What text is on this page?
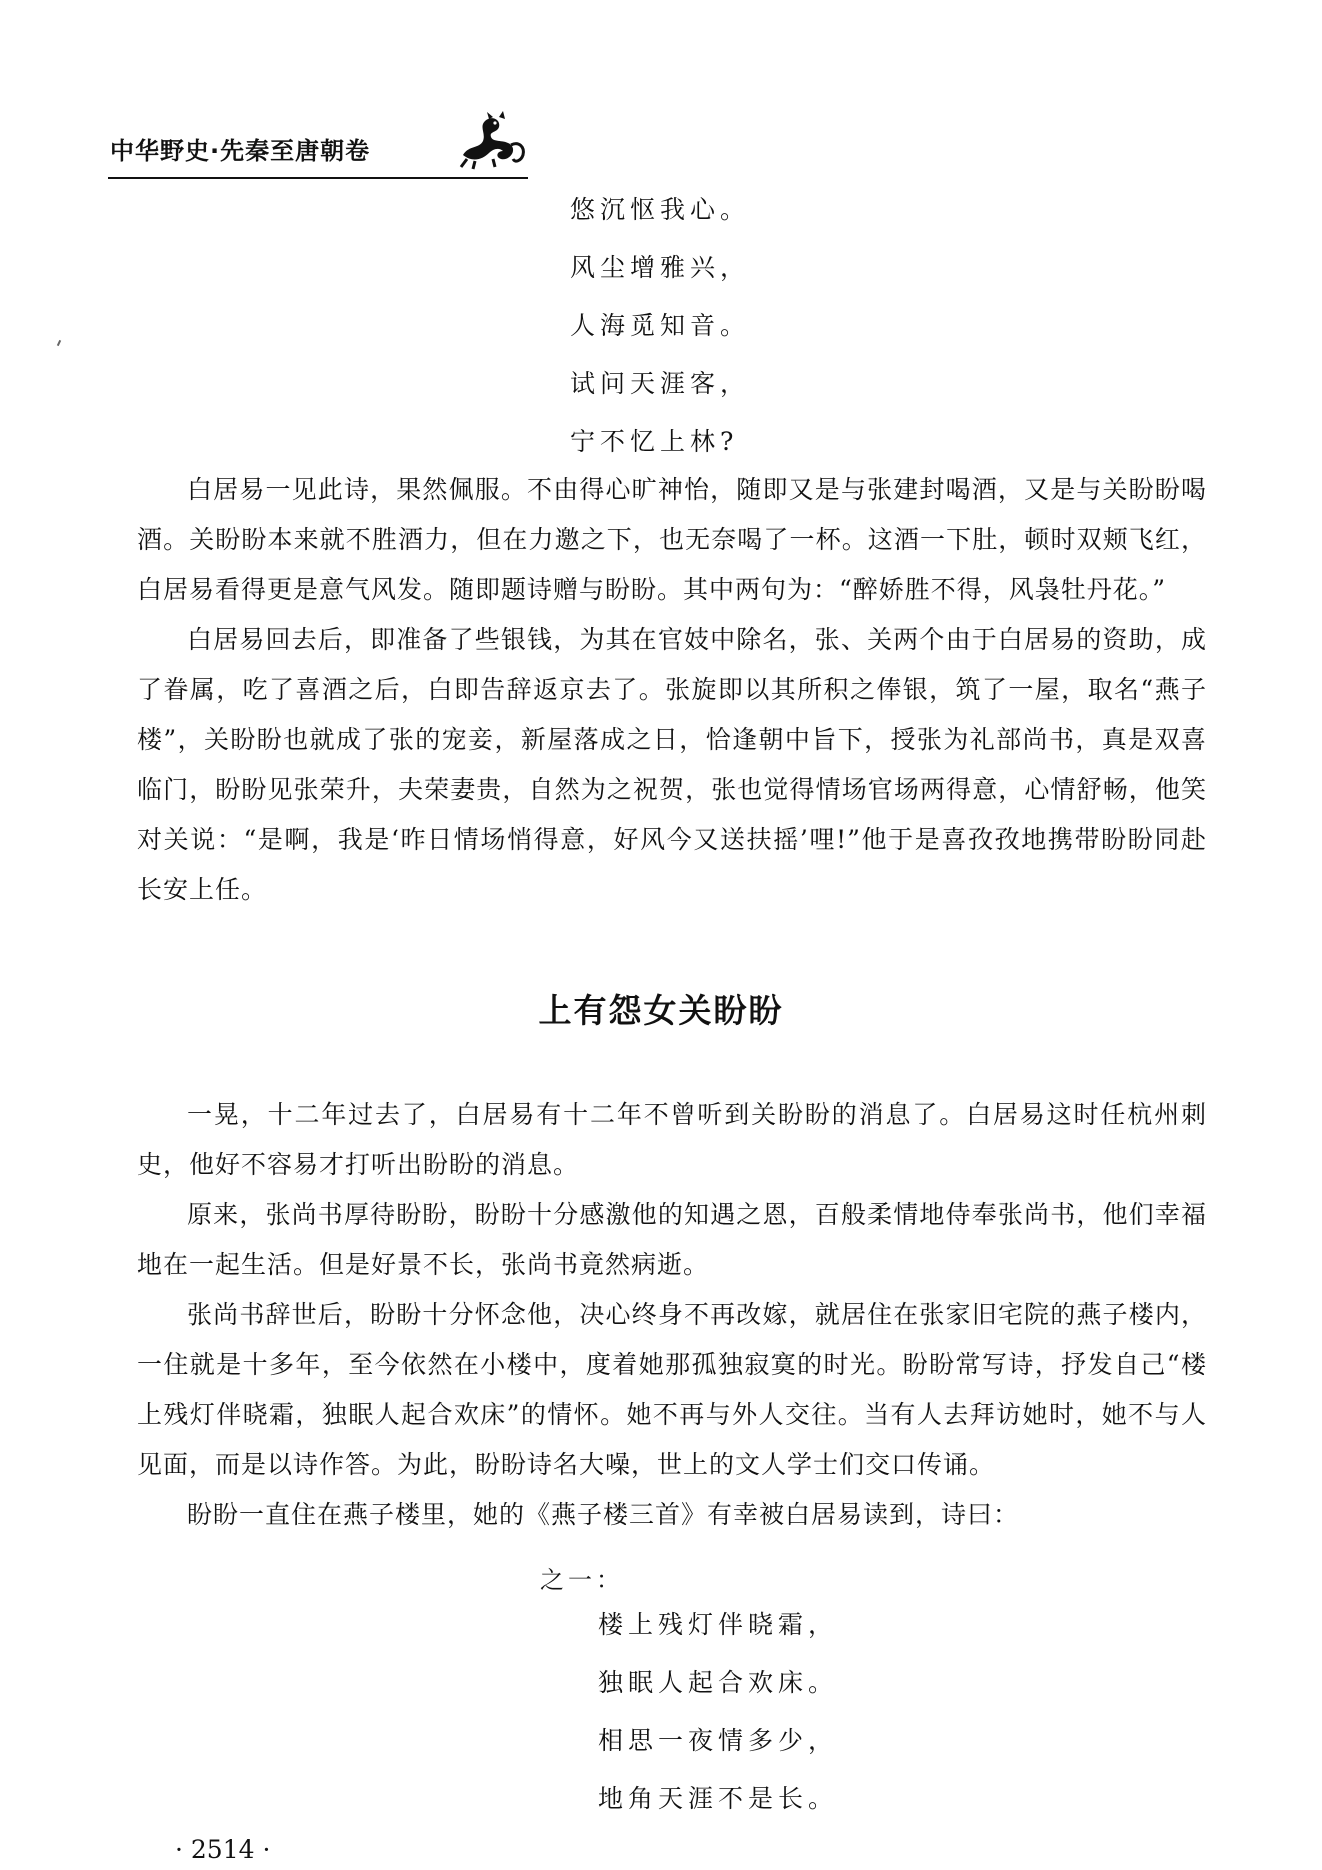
中华野史·先秦至唐朝卷
悠沉怄我心。
风尘增雅兴，
人海觅知音。
试问天涯客，
宁不忆上林?

白居易一见此诗，果然佩服。不由得心旷神怡，随即又是与张建封喝酒，又是与关盼盼喝酒。关盼盼本来就不胜酒力，但在力邀之下，也无奈喝了一杯。这酒一下肚，顿时双颊飞红，白居易看得更是意气风发。随即题诗赠与盼盼。其中两句为：“醉娇胜不得，风袅牡丹花。”

白居易回去后，即准备了些银钱，为其在官妓中除名，张、关两个由于白居易的资助，成了眷属，吃了喜酒之后，白即告辞返京去了。张旋即以其所积之俸银，筑了一屋，取名“燕子楼”，关盼盼也就成了张的宠妾，新屋落成之日，恰逢朝中旨下，授张为礼部尚书，真是双喜临门，盼盼见张荣升，夫荣妻贵，自然为之祝贺，张也觉得情场官场两得意，心情舒畅，他笑对关说：“是啊，我是‘昨日情场悄得意，好风今又送扶摇’哩!”他于是喜孜孜地携带盼盼同赴长安上任。

上有怨女关盼盼

一晃，十二年过去了，白居易有十二年不曾听到关盼盼的消息了。白居易这时任杭州刺史，他好不容易才打听出盼盼的消息。

原来，张尚书厚待盼盼，盼盼十分感激他的知遇之恩，百般柔情地侍奉张尚书，他们幸福地在一起生活。但是好景不长，张尚书竟然病逝。

张尚书辞世后，盼盼十分怀念他，决心终身不再改嫁，就居住在张家旧宅院的燕子楼内，一住就是十多年，至今依然在小楼中，度着她那孤独寂寞的时光。盼盼常写诗，抒发自己“楼上残灯伴晓霜，独眠人起合欢床”的情怀。她不再与外人交往。当有人去拜访她时，她不与人见面，而是以诗作答。为此，盼盼诗名大噪，世上的文人学士们交口传诵。

盼盼一直住在燕子楼里，她的《燕子楼三首》有幸被白居易读到，诗曰：

之一：
楼上残灯伴晓霜，
独眠人起合欢床。
相思一夜情多少，
地角天涯不是长。
· 2514 ·
